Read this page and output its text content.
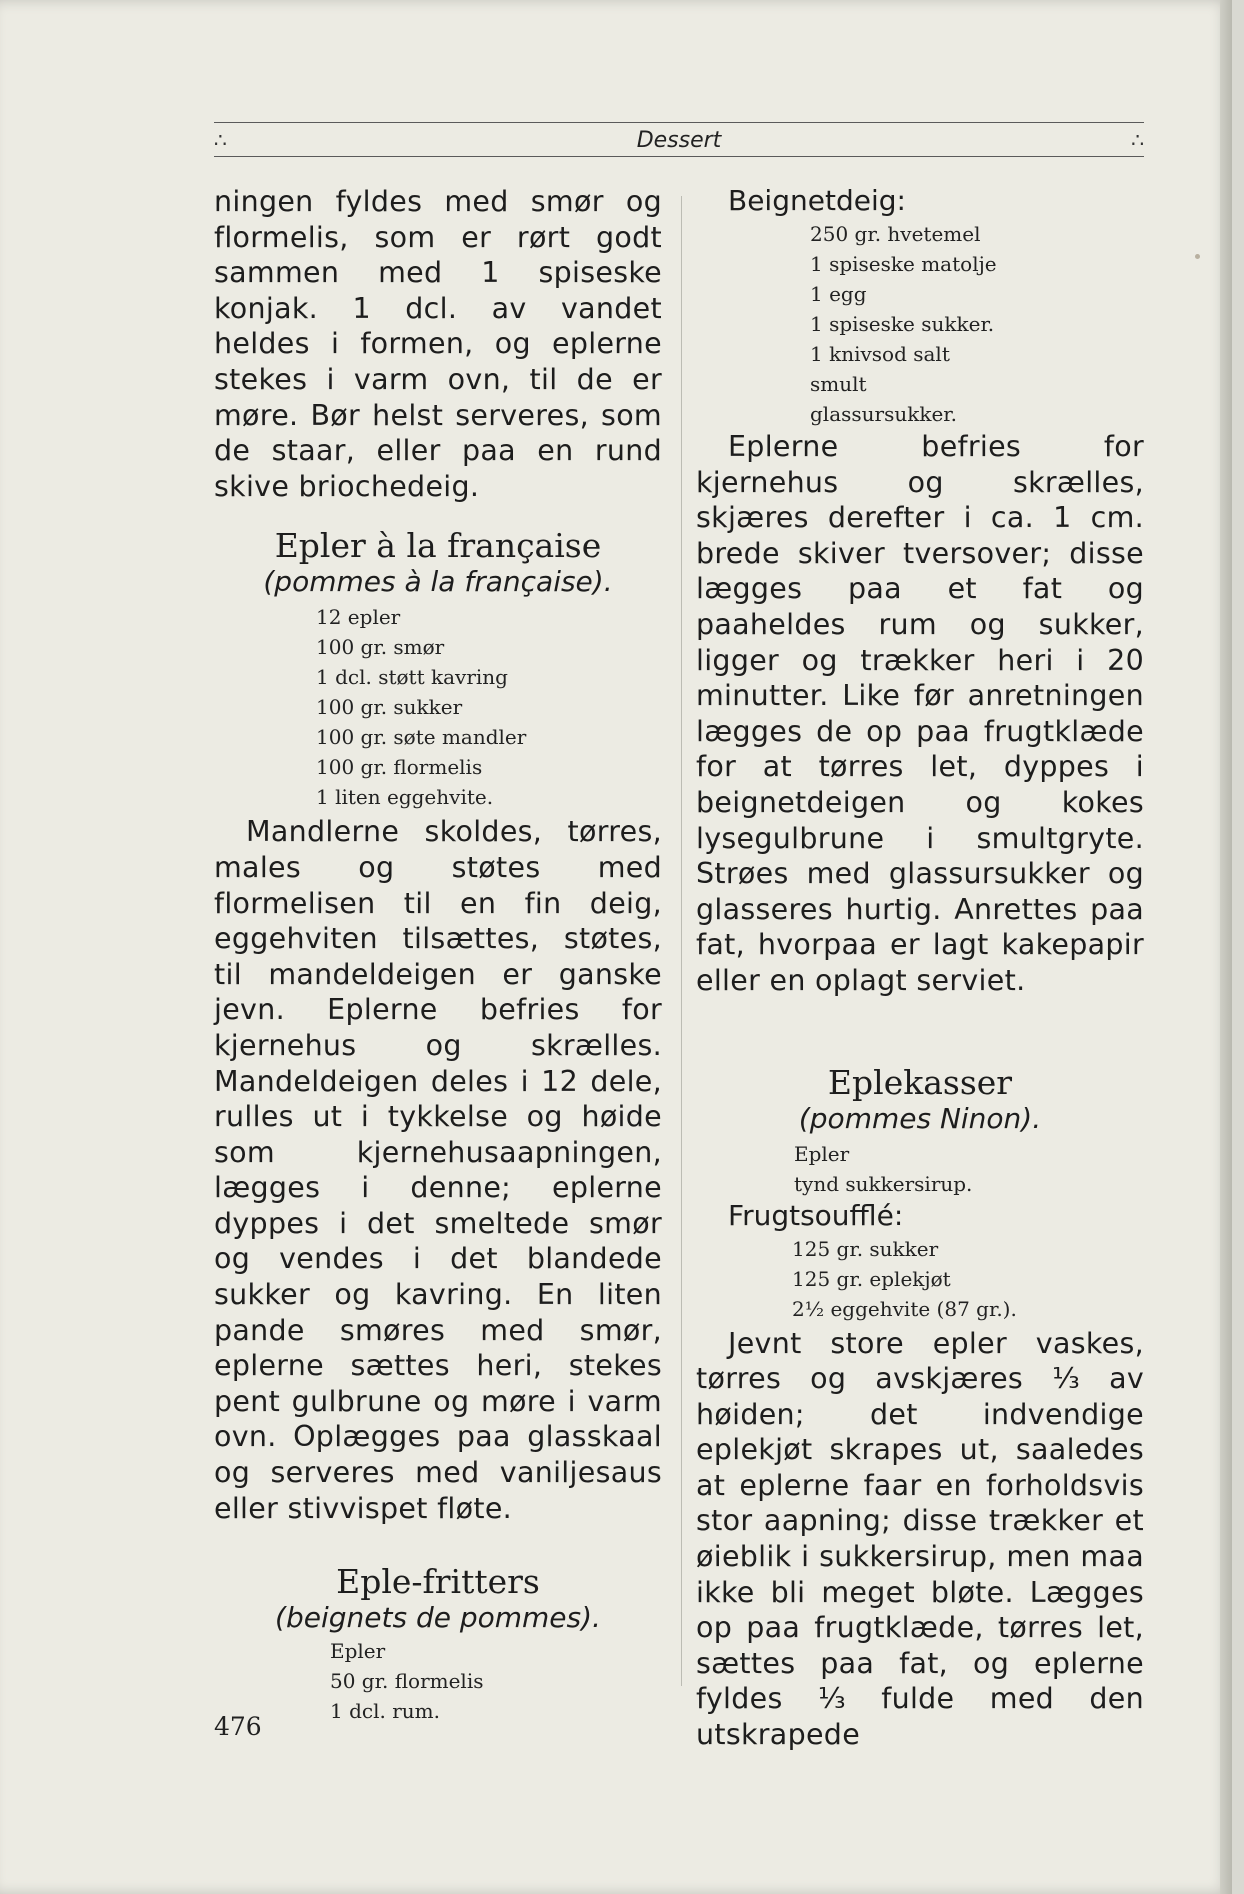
∴	Dessert	∴

ningen fyldes med smør og flormelis, som er rørt godt sammen med 1 spiseske konjak. 1 dcl. av vandet heldes i formen, og eplerne stekes i varm ovn, til de er møre. Bør helst serveres, som de staar, eller paa en rund skive briochedeig.

Epler à la française

(pommes à la française).

12 epler
100 gr. smør
1 dcl. støtt kavring
100 gr. sukker
100 gr. søte mandler
100 gr. flormelis
1 liten eggehvite.

Mandlerne skoldes, tørres, males og støtes med flormelisen til en fin deig, eggehviten tilsættes, støtes, til mandeldeigen er ganske jevn. Eplerne befries for kjernehus og skrælles. Mandeldeigen deles i 12 dele, rulles ut i tykkelse og høide som kjernehusaapningen, lægges i denne; eplerne dyppes i det smeltede smør og vendes i det blandede sukker og kavring. En liten pande smøres med smør, eplerne sættes heri, stekes pent gulbrune og møre i varm ovn. Oplægges paa glasskaal og serveres med vaniljesaus eller stivvispet fløte.

Eple-fritters

(beignets de pommes).

Epler
50 gr. flormelis
1 dcl. rum.

Beignetdeig:

250 gr. hvetemel
1 spiseske matolje
1 egg
1 spiseske sukker.
1 knivsod salt
smult
glassursukker.

Eplerne befries for kjernehus og skrælles, skjæres derefter i ca. 1 cm. brede skiver tversover; disse lægges paa et fat og paaheldes rum og sukker, ligger og trækker heri i 20 minutter. Like før anretningen lægges de op paa frugtklæde for at tørres let, dyppes i beignetdeigen og kokes lysegulbrune i smultgryte. Strøes med glassursukker og glasseres hurtig. Anrettes paa fat, hvorpaa er lagt kakepapir eller en oplagt serviet.

Eplekasser

(pommes Ninon).

Epler
tynd sukkersirup.

Frugtsoufflé:

125 gr. sukker
125 gr. eplekjøt
2½ eggehvite (87 gr.).

Jevnt store epler vaskes, tørres og avskjæres ⅓ av høiden; det indvendige eplekjøt skrapes ut, saaledes at eplerne faar en forholdsvis stor aapning; disse trækker et øieblik i sukkersirup, men maa ikke bli meget bløte. Lægges op paa frugtklæde, tørres let, sættes paa fat, og eplerne fyldes ⅓ fulde med den utskrapede

476
